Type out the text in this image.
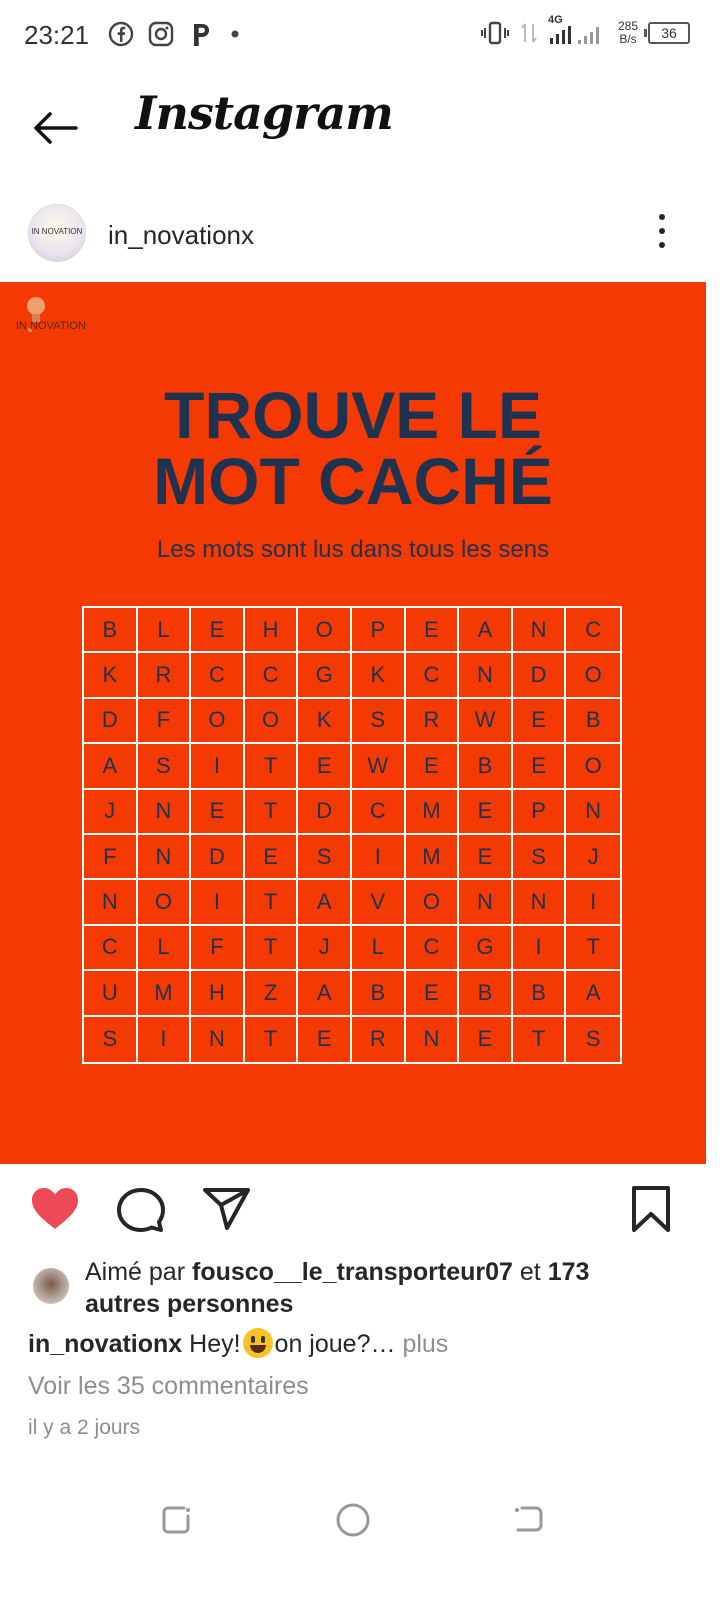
23:21	4G	285
B/s 36
Instagram
IN NOVATION in_novationx
IN NOVATION
TROUVE LE
MOT CACHÉ
Les mots sont lus dans tous les sens
B	L	E	H	O	P	E	A	N	C
K	R	C	C	G	K	C	N	D	O
D	F	O	O	K	S	R	W	E	B
A	S	I	T	E	W	E	B	E	O
J	N	E	T	D	C	M	E	P	N
F	N	D	E	S	I	M	E	S	J
N	O	I	T	A	V	O	N	N	I
C	L	F	T	J	L	C	G	I	T
U	M	H	Z	A	B	E	B	B	A
S	I	N	T	E	R	N	E	T	S
Aimé par fousco__le_transporteur07 et 173 autres personnes
in_novationx Hey! on joue?… plus
Voir les 35 commentaires
il y a 2 jours
